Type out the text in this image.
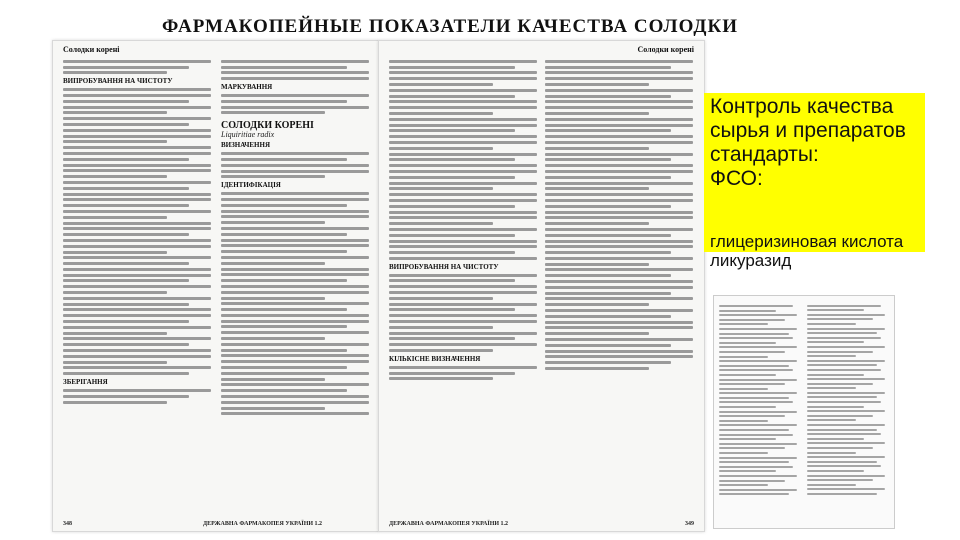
ФАРМАКОПЕЙНЫЕ ПОКАЗАТЕЛИ КАЧЕСТВА СОЛОДКИ
Солодки корені
ВИПРОБУВАННЯ НА ЧИСТОТУ
ЗБЕРІГАННЯ
МАРКУВАННЯ
СОЛОДКИ КОРЕНІ
Liquiritiae radix
ВИЗНАЧЕННЯ
ІДЕНТИФІКАЦІЯ
348	ДЕРЖАВНА ФАРМАКОПЕЯ УКРАЇНИ 1.2
Солодки корені
ВИПРОБУВАННЯ НА ЧИСТОТУ
КІЛЬКІСНЕ ВИЗНАЧЕННЯ
ДЕРЖАВНА ФАРМАКОПЕЯ УКРАЇНИ 1.2	349
Контроль качества
сырья и препаратов
стандарты:
ФСО:
глицеризиновая кислота
ликуразид
